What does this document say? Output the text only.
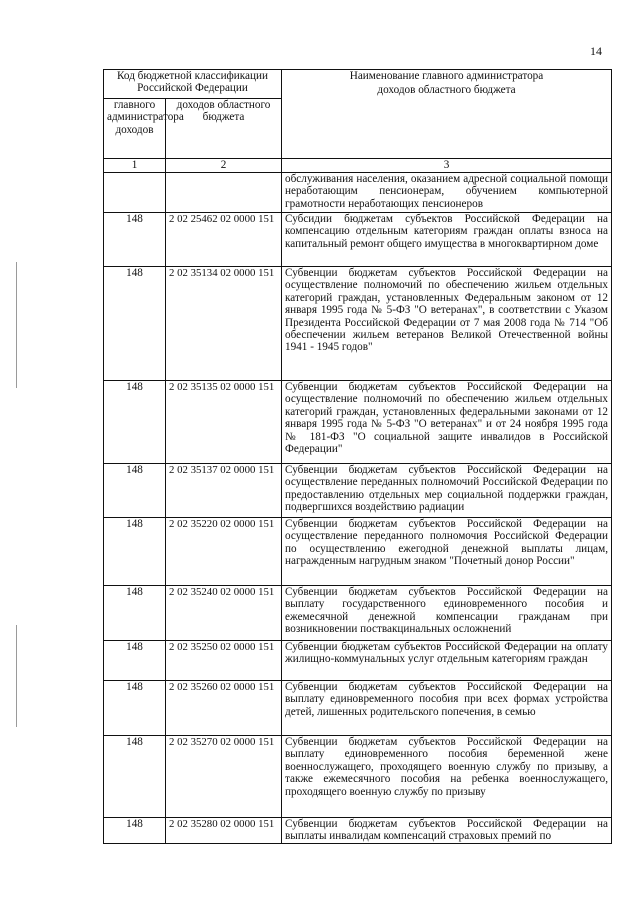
14
Код бюджетной классификации Российской Федерации		Наименование главного администратора доходов областного бюджета

главного администратора доходов	доходов областного бюджета	

1	2	3
		обслуживания населения, оказанием адресной социальной помощи неработающим пенсионерам, обучением компьютерной грамотности неработающих пенсионеров
148	2 02 25462 02 0000 151	Субсидии бюджетам субъектов Российской Федерации на компенсацию отдельным категориям граждан оплаты взноса на капитальный ремонт общего имущества в многоквартирном доме
148	2 02 35134 02 0000 151	Субвенции бюджетам субъектов Российской Федерации на осуществление полномочий по обеспечению жильем отдельных категорий граждан, установленных Федеральным законом от 12 января 1995 года № 5-ФЗ "О ветеранах", в соответствии с Указом Президента Российской Федерации от 7 мая 2008 года № 714 "Об обеспечении жильем ветеранов Великой Отечественной войны 1941 - 1945 годов"
148	2 02 35135 02 0000 151	Субвенции бюджетам субъектов Российской Федерации на осуществление полномочий по обеспечению жильем отдельных категорий граждан, установленных федеральными законами от 12 января 1995 года № 5-ФЗ "О ветеранах" и от 24 ноября 1995 года № 181-ФЗ "О социальной защите инвалидов в Российской Федерации"
148	2 02 35137 02 0000 151	Субвенции бюджетам субъектов Российской Федерации на осуществление переданных полномочий Российской Федерации по предоставлению отдельных мер социальной поддержки граждан, подвергшихся воздействию радиации
148	2 02 35220 02 0000 151	Субвенции бюджетам субъектов Российской Федерации на осуществление переданного полномочия Российской Федерации по осуществлению ежегодной денежной выплаты лицам, награжденным нагрудным знаком "Почетный донор России"
148	2 02 35240 02 0000 151	Субвенции бюджетам субъектов Российской Федерации на выплату государственного единовременного пособия и ежемесячной денежной компенсации гражданам при возникновении поствакцинальных осложнений
148	2 02 35250 02 0000 151	Субвенции бюджетам субъектов Российской Федерации на оплату жилищно-коммунальных услуг отдельным категориям граждан
148	2 02 35260 02 0000 151	Субвенции бюджетам субъектов Российской Федерации на выплату единовременного пособия при всех формах устройства детей, лишенных родительского попечения, в семью
148	2 02 35270 02 0000 151	Субвенции бюджетам субъектов Российской Федерации на выплату единовременного пособия беременной жене военнослужащего, проходящего военную службу по призыву, а также ежемесячного пособия на ребенка военнослужащего, проходящего военную службу по призыву
148	2 02 35280 02 0000 151	Субвенции бюджетам субъектов Российской Федерации на выплаты инвалидам компенсаций страховых премий по
